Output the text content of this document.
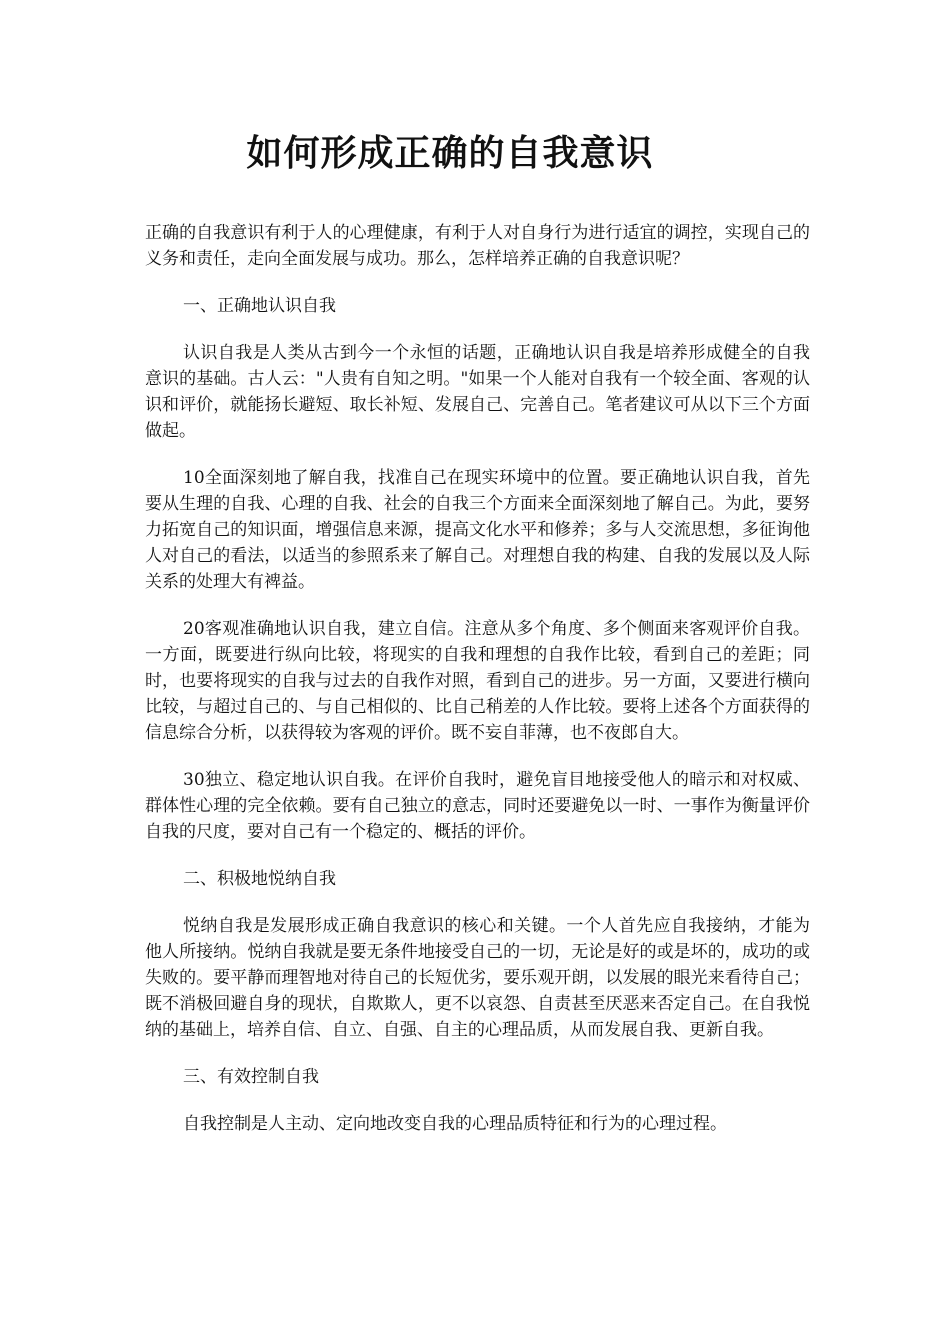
如何形成正确的自我意识

正确的自我意识有利于人的心理健康，有利于人对自身行为进行适宜的调控，实现自己的义务和责任，走向全面发展与成功。那么，怎样培养正确的自我意识呢？

一、正确地认识自我

认识自我是人类从古到今一个永恒的话题，正确地认识自我是培养形成健全的自我意识的基础。古人云："人贵有自知之明。"如果一个人能对自我有一个较全面、客观的认识和评价，就能扬长避短、取长补短、发展自己、完善自己。笔者建议可从以下三个方面做起。

10全面深刻地了解自我，找准自己在现实环境中的位置。要正确地认识自我，首先要从生理的自我、心理的自我、社会的自我三个方面来全面深刻地了解自己。为此，要努力拓宽自己的知识面，增强信息来源，提高文化水平和修养；多与人交流思想，多征询他人对自己的看法，以适当的参照系来了解自己。对理想自我的构建、自我的发展以及人际关系的处理大有裨益。

20客观准确地认识自我，建立自信。注意从多个角度、多个侧面来客观评价自我。一方面，既要进行纵向比较，将现实的自我和理想的自我作比较，看到自己的差距；同时，也要将现实的自我与过去的自我作对照，看到自己的进步。另一方面，又要进行横向比较，与超过自己的、与自己相似的、比自己稍差的人作比较。要将上述各个方面获得的信息综合分析，以获得较为客观的评价。既不妄自菲薄，也不夜郎自大。

30独立、稳定地认识自我。在评价自我时，避免盲目地接受他人的暗示和对权威、群体性心理的完全依赖。要有自己独立的意志，同时还要避免以一时、一事作为衡量评价自我的尺度，要对自己有一个稳定的、概括的评价。

二、积极地悦纳自我

悦纳自我是发展形成正确自我意识的核心和关键。一个人首先应自我接纳，才能为他人所接纳。悦纳自我就是要无条件地接受自己的一切，无论是好的或是坏的，成功的或失败的。要平静而理智地对待自己的长短优劣，要乐观开朗，以发展的眼光来看待自己；既不消极回避自身的现状，自欺欺人，更不以哀怨、自责甚至厌恶来否定自己。在自我悦纳的基础上，培养自信、自立、自强、自主的心理品质，从而发展自我、更新自我。

三、有效控制自我

自我控制是人主动、定向地改变自我的心理品质特征和行为的心理过程。
